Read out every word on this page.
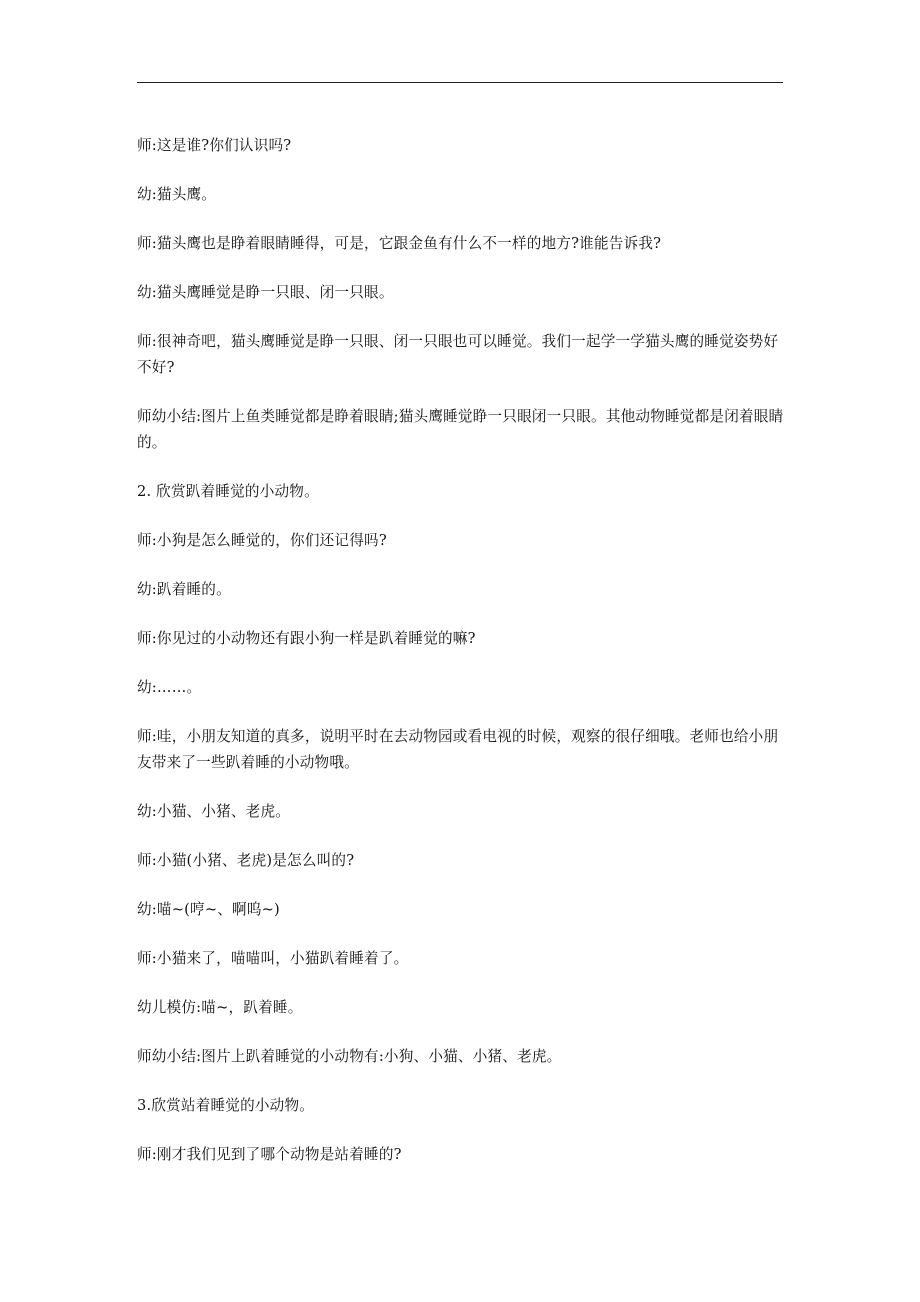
师:这是谁?你们认识吗?

幼:猫头鹰。

师:猫头鹰也是睁着眼睛睡得，可是，它跟金鱼有什么不一样的地方?谁能告诉我?

幼:猫头鹰睡觉是睁一只眼、闭一只眼。

师:很神奇吧，猫头鹰睡觉是睁一只眼、闭一只眼也可以睡觉。我们一起学一学猫头鹰的睡觉姿势好不好?

师幼小结:图片上鱼类睡觉都是睁着眼睛;猫头鹰睡觉睁一只眼闭一只眼。其他动物睡觉都是闭着眼睛的。

2. 欣赏趴着睡觉的小动物。

师:小狗是怎么睡觉的，你们还记得吗?

幼:趴着睡的。

师:你见过的小动物还有跟小狗一样是趴着睡觉的嘛?

幼:……。

师:哇，小朋友知道的真多，说明平时在去动物园或看电视的时候，观察的很仔细哦。老师也给小朋友带来了一些趴着睡的小动物哦。

幼:小猫、小猪、老虎。

师:小猫(小猪、老虎)是怎么叫的?

幼:喵~(哼~、啊呜~)

师:小猫来了，喵喵叫，小猫趴着睡着了。

幼儿模仿:喵~，趴着睡。

师幼小结:图片上趴着睡觉的小动物有:小狗、小猫、小猪、老虎。

3.欣赏站着睡觉的小动物。

师:刚才我们见到了哪个动物是站着睡的?
